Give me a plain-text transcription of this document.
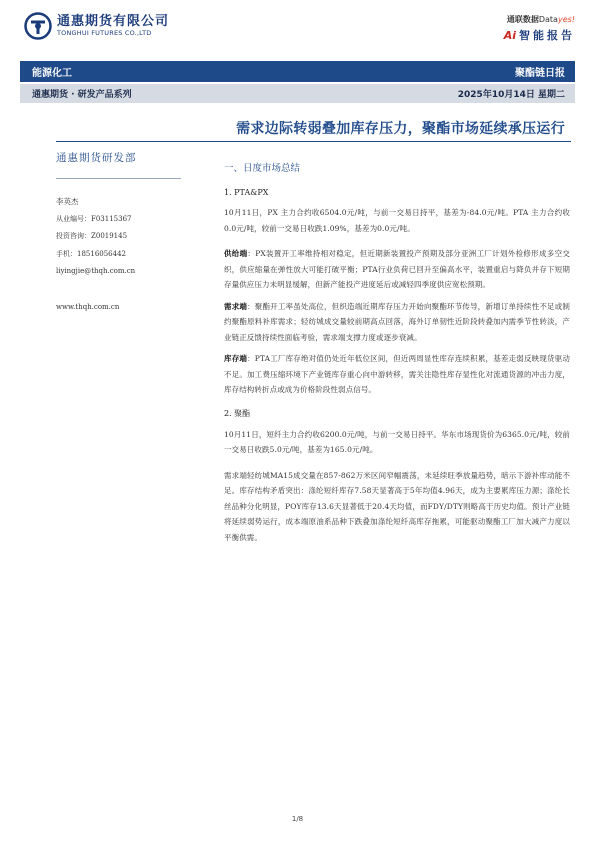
通惠期货有限公司
TONGHUI FUTURES CO.,LTD
通联数据Datayes!
Ai 智能报告
能源化工	聚酯链日报
通惠期货 · 研发产品系列	2025年10月14日 星期二
需求边际转弱叠加库存压力，聚酯市场延续承压运行
通惠期货研发部
李英杰
从业编号：F03115367
投资咨询：Z0019145
手机：18516056442
liyingjie@thqh.com.cn
www.thqh.com.cn
一、日度市场总结
1. PTA&PX
10月11日，PX 主力合约收6504.0元/吨，与前一交易日持平，基差为-84.0元/吨。PTA 主力合约收0.0元/吨，较前一交易日收跌1.09%，基差为0.0元/吨。
供给端：PX装置开工率维持相对稳定，但近期新装置投产预期及部分亚洲工厂计划外检修形成多空交织，供应缩量在弹性放大可能打破平衡；PTA行业负荷已回升至偏高水平，装置重启与降负并存下短期存量供应压力未明显缓解，但新产能投产进度延后或减轻四季度供应宽松预期。
需求端：聚酯开工率虽处高位，但织造端近期库存压力开始向聚酯环节传导，新增订单持续性不足或制约聚酯原料补库需求；轻纺城成交量较前期高点回落，海外订单韧性近阶段转叠加内需季节性转淡，产业链正反馈持续性面临考验，需求端支撑力度或逐步衰减。
库存端：PTA工厂库存绝对值仍处近年低位区间，但近两周显性库存连续积累，基差走弱反映现货驱动不足。加工费压缩环境下产业链库存重心向中游转移，需关注隐性库存显性化对流通货源的冲击力度，库存结构转折点或成为价格阶段性弱点信号。
2. 聚酯
10月11日，短纤主力合约收6200.0元/吨，与前一交易日持平。华东市场现货价为6365.0元/吨，较前一交易日收跌5.0元/吨，基差为165.0元/吨。
需求端轻纺城MA15成交量在857-862万米区间窄幅震荡，未延续旺季放量趋势，暗示下游补库动能不足。库存结构矛盾突出：涤纶短纤库存7.58天显著高于5年均值4.96天，成为主要累库压力源；涤纶长丝品种分化明显，POY库存13.6天显著低于20.4天均值，而FDY/DTY则略高于历史均值。预计产业链将延续弱势运行，成本端原油系品种下跌叠加涤纶短纤高库存拖累，可能驱动聚酯工厂加大减产力度以平衡供需。
1/8
